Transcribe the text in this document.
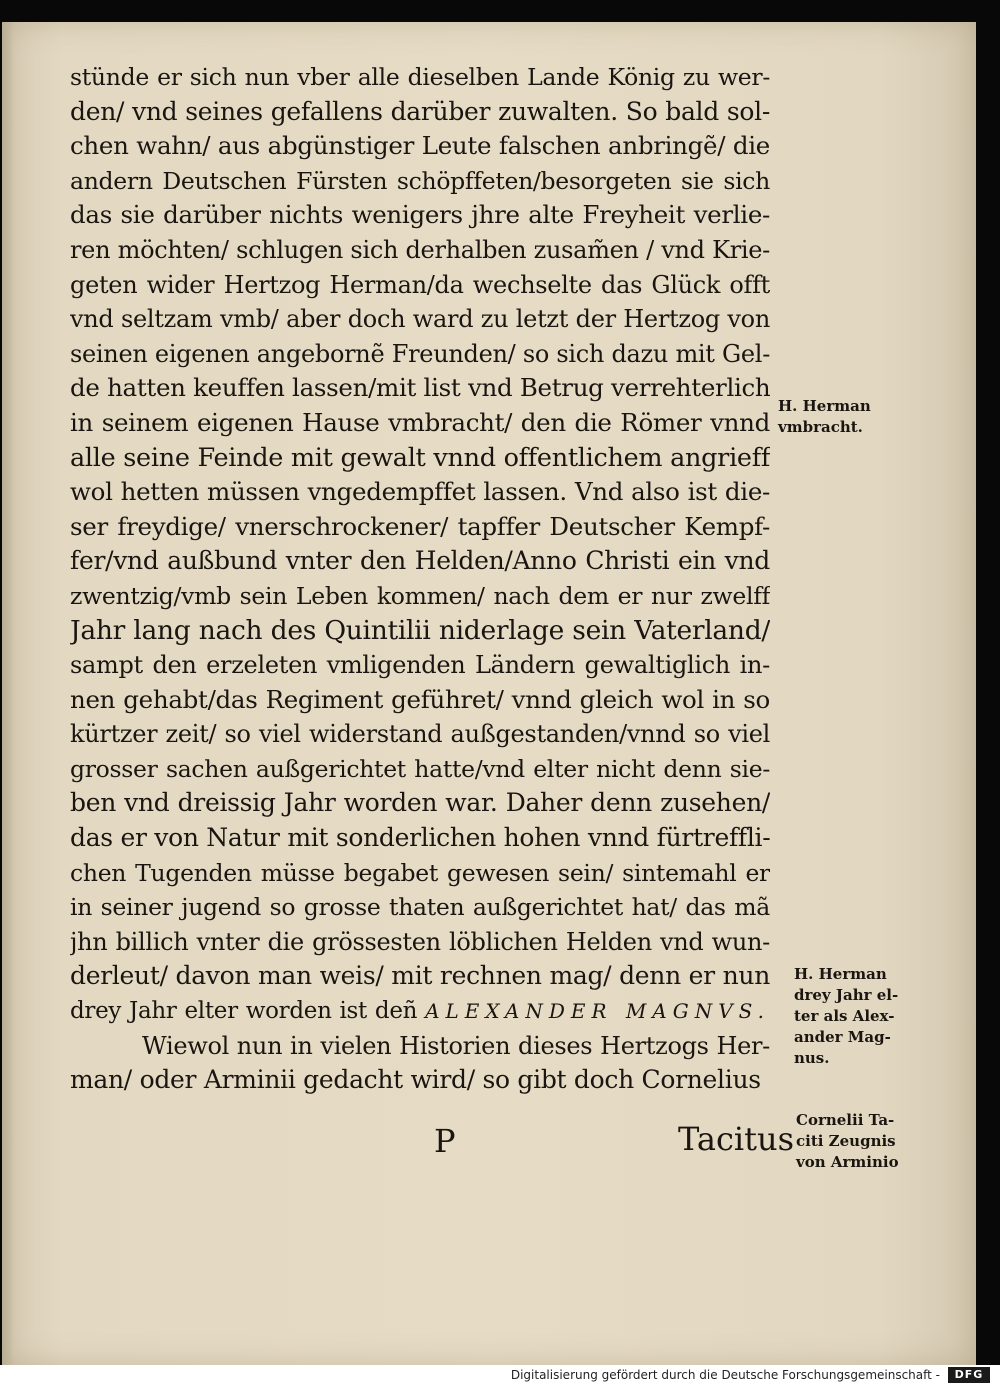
stünde er sich nun vber alle dieselben Lande König zu wer-
den/ vnd seines gefallens darüber zuwalten. So bald sol-
chen wahn/ aus abgünstiger Leute falschen anbringẽ/ die
andern Deutschen Fürsten schöpffeten/besorgeten sie sich
das sie darüber nichts wenigers jhre alte Freyheit verlie-
ren möchten/ schlugen sich derhalben zusam̃en / vnd Krie-
geten wider Hertzog Herman/da wechselte das Glück offt
vnd seltzam vmb/ aber doch ward zu letzt der Hertzog von
seinen eigenen angebornẽ Freunden/ so sich dazu mit Gel-
de hatten keuffen lassen/mit list vnd Betrug verrehterlich
in seinem eigenen Hause vmbracht/ den die Römer vnnd
alle seine Feinde mit gewalt vnnd offentlichem angrieff
wol hetten müssen vngedempffet lassen. Vnd also ist die-
ser freydige/ vnerschrockener/ tapffer Deutscher Kempf-
fer/vnd außbund vnter den Helden/Anno Christi ein vnd
zwentzig/vmb sein Leben kommen/ nach dem er nur zwelff
Jahr lang nach des Quintilii niderlage sein Vaterland/
sampt den erzeleten vmligenden Ländern gewaltiglich in-
nen gehabt/das Regiment geführet/ vnnd gleich wol in so
kürtzer zeit/ so viel widerstand außgestanden/vnnd so viel
grosser sachen außgerichtet hatte/vnd elter nicht denn sie-
ben vnd dreissig Jahr worden war. Daher denn zusehen/
das er von Natur mit sonderlichen hohen vnnd fürtreffli-
chen Tugenden müsse begabet gewesen sein/ sintemahl er
in seiner jugend so grosse thaten außgerichtet hat/ das mã
jhn billich vnter die grössesten löblichen Helden vnd wun-
derleut/ davon man weis/ mit rechnen mag/ denn er nun
drey Jahr elter worden ist deñ ALEXANDER MAGNVS.
Wiewol nun in vielen Historien dieses Hertzogs Her-
man/ oder Arminii gedacht wird/ so gibt doch Cornelius
P	Tacitus
H. Herman
vmbracht.
H. Herman
drey Jahr el-
ter als Alex-
ander Mag-
nus.
Cornelii Ta-
citi Zeugnis
von Arminio
Digitalisierung gefördert durch die Deutsche Forschungsgemeinschaft -	DFG
